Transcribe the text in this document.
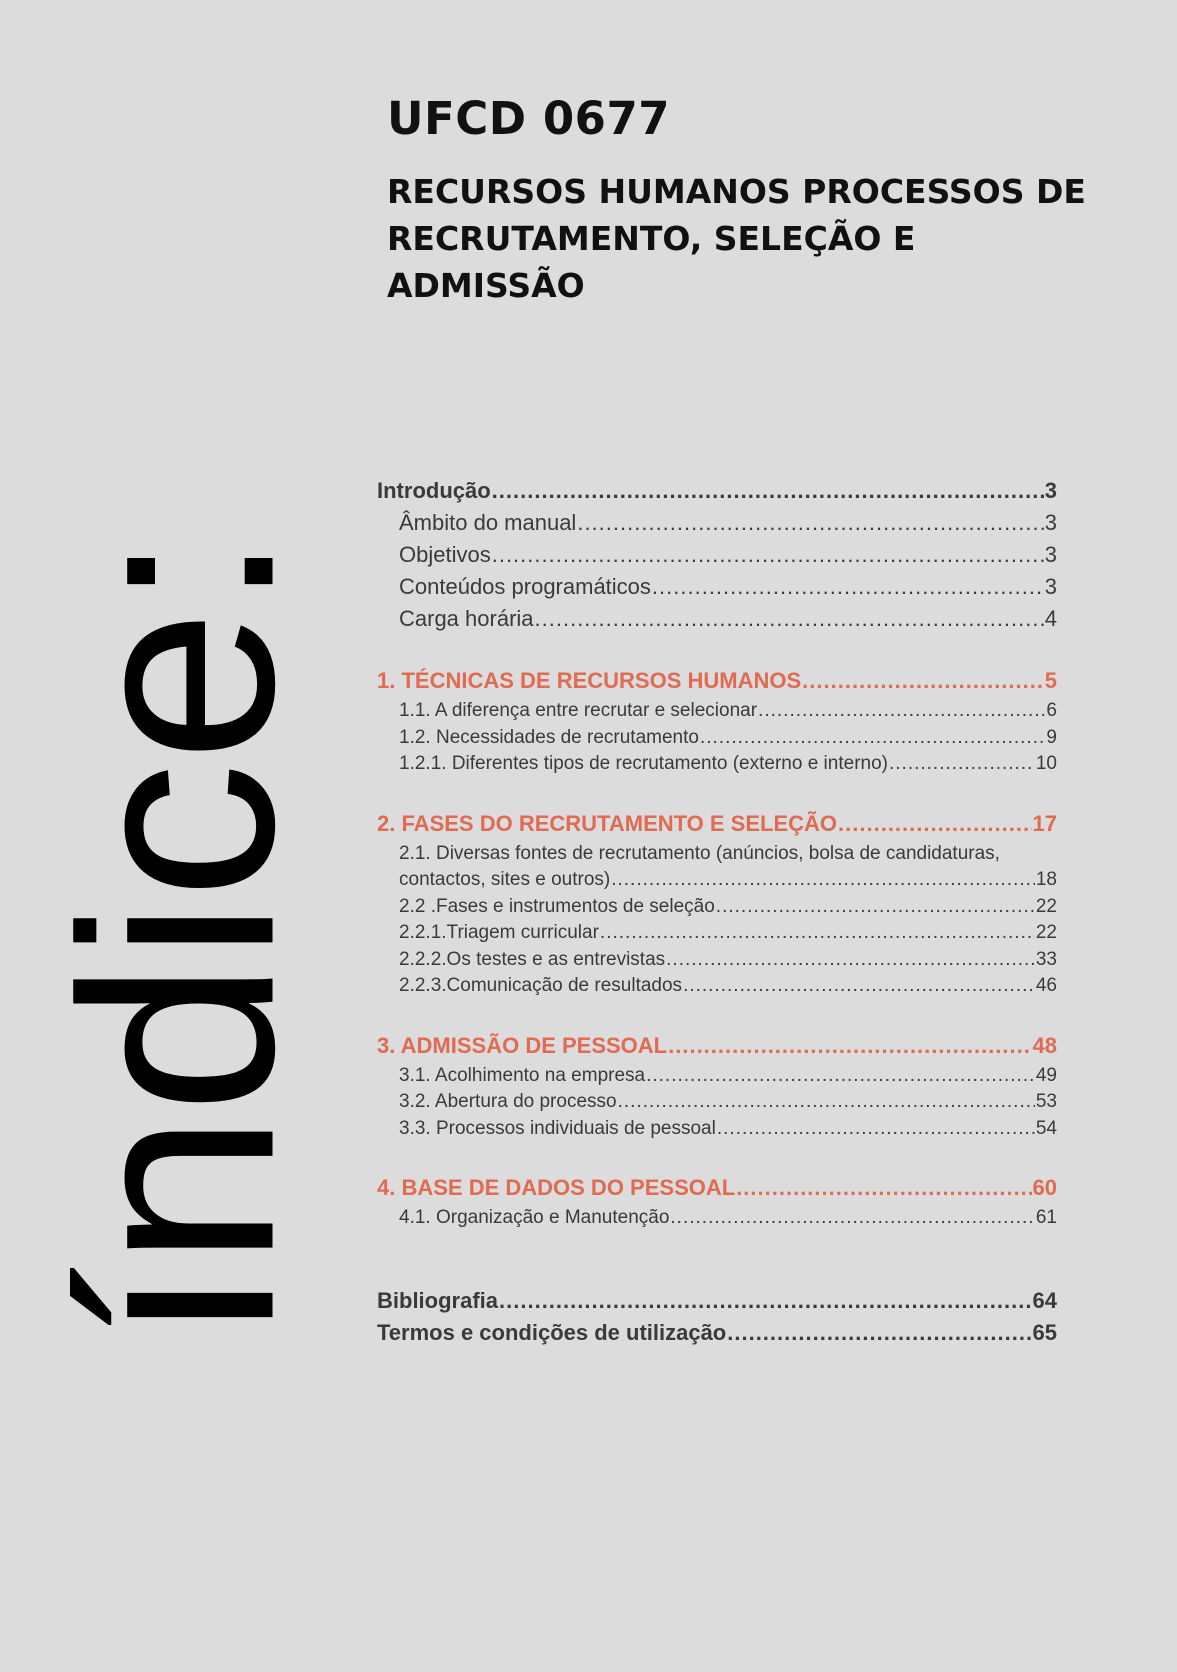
UFCD 0677
RECURSOS HUMANOS PROCESSOS DE
RECRUTAMENTO, SELEÇÃO E
ADMISSÃO
índice:
Introdução .....	3
Âmbito do manual .....	3
Objetivos .....	3
Conteúdos programáticos .....	3
Carga horária .....	4
1. TÉCNICAS DE RECURSOS HUMANOS .....	5
1.1. A diferença entre recrutar e selecionar .....	6
1.2. Necessidades de recrutamento .....	9
1.2.1. Diferentes tipos de recrutamento (externo e interno) .....	10
2. FASES DO RECRUTAMENTO E SELEÇÃO .....	17
2.1. Diversas fontes de recrutamento (anúncios, bolsa de candidaturas,
contactos, sites e outros) .....	18
2.2 .Fases e instrumentos de seleção .....	22
2.2.1.Triagem curricular .....	22
2.2.2.Os testes e as entrevistas .....	33
2.2.3.Comunicação de resultados .....	46
3. ADMISSÃO DE PESSOAL .....	48
3.1. Acolhimento na empresa .....	49
3.2. Abertura do processo .....	53
3.3. Processos individuais de pessoal .....	54
4. BASE DE DADOS DO PESSOAL .....	60
4.1. Organização e Manutenção .....	61
Bibliografia .....	64
Termos e condições de utilização .....	65
